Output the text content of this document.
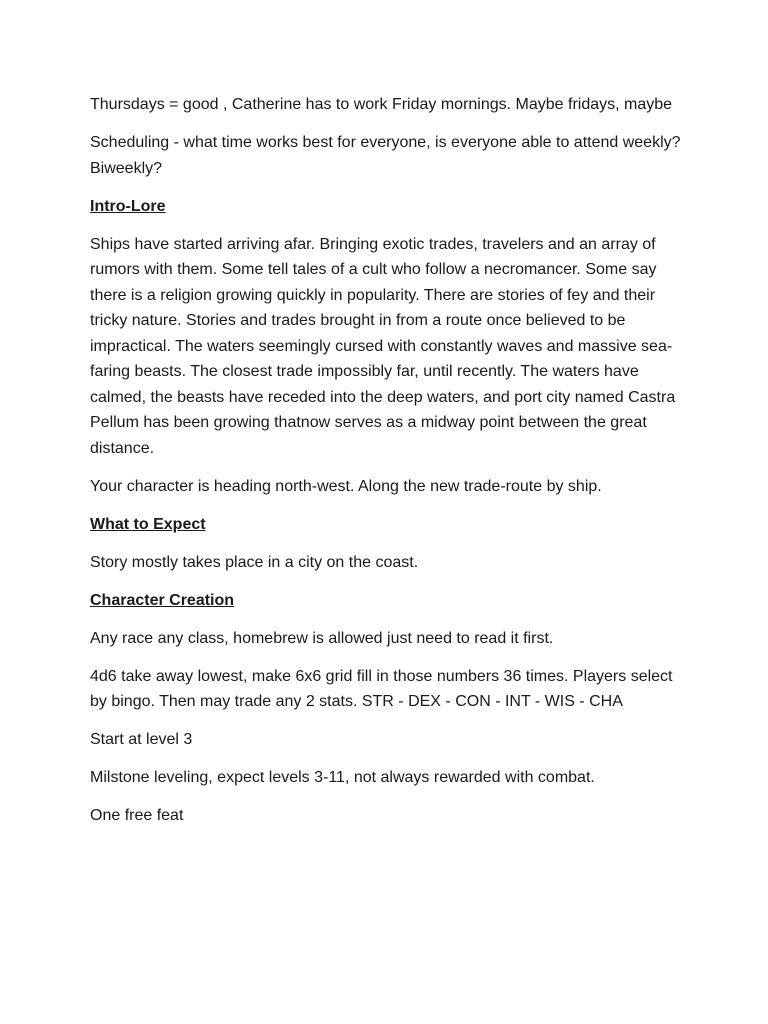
Thursdays = good , Catherine has to work Friday mornings. Maybe fridays, maybe

Scheduling - what time works best for everyone, is everyone able to attend weekly? Biweekly?

Intro-Lore

Ships have started arriving afar. Bringing exotic trades, travelers and an array of rumors with them. Some tell tales of a cult who follow a necromancer. Some say there is a religion growing quickly in popularity. There are stories of fey and their tricky nature. Stories and trades brought in from a route once believed to be impractical. The waters seemingly cursed with constantly waves and massive sea-faring beasts. The closest trade impossibly far, until recently. The waters have calmed, the beasts have receded into the deep waters, and port city named Castra Pellum has been growing thatnow serves as a midway point between the great distance.

Your character is heading north-west. Along the new trade-route by ship.

What to Expect

Story mostly takes place in a city on the coast.

Character Creation

Any race any class, homebrew is allowed just need to read it first.

4d6 take away lowest, make 6x6 grid fill in those numbers 36 times. Players select by bingo. Then may trade any 2 stats. STR - DEX - CON - INT - WIS - CHA

Start at level 3

Milstone leveling, expect levels 3-11, not always rewarded with combat.

One free feat
